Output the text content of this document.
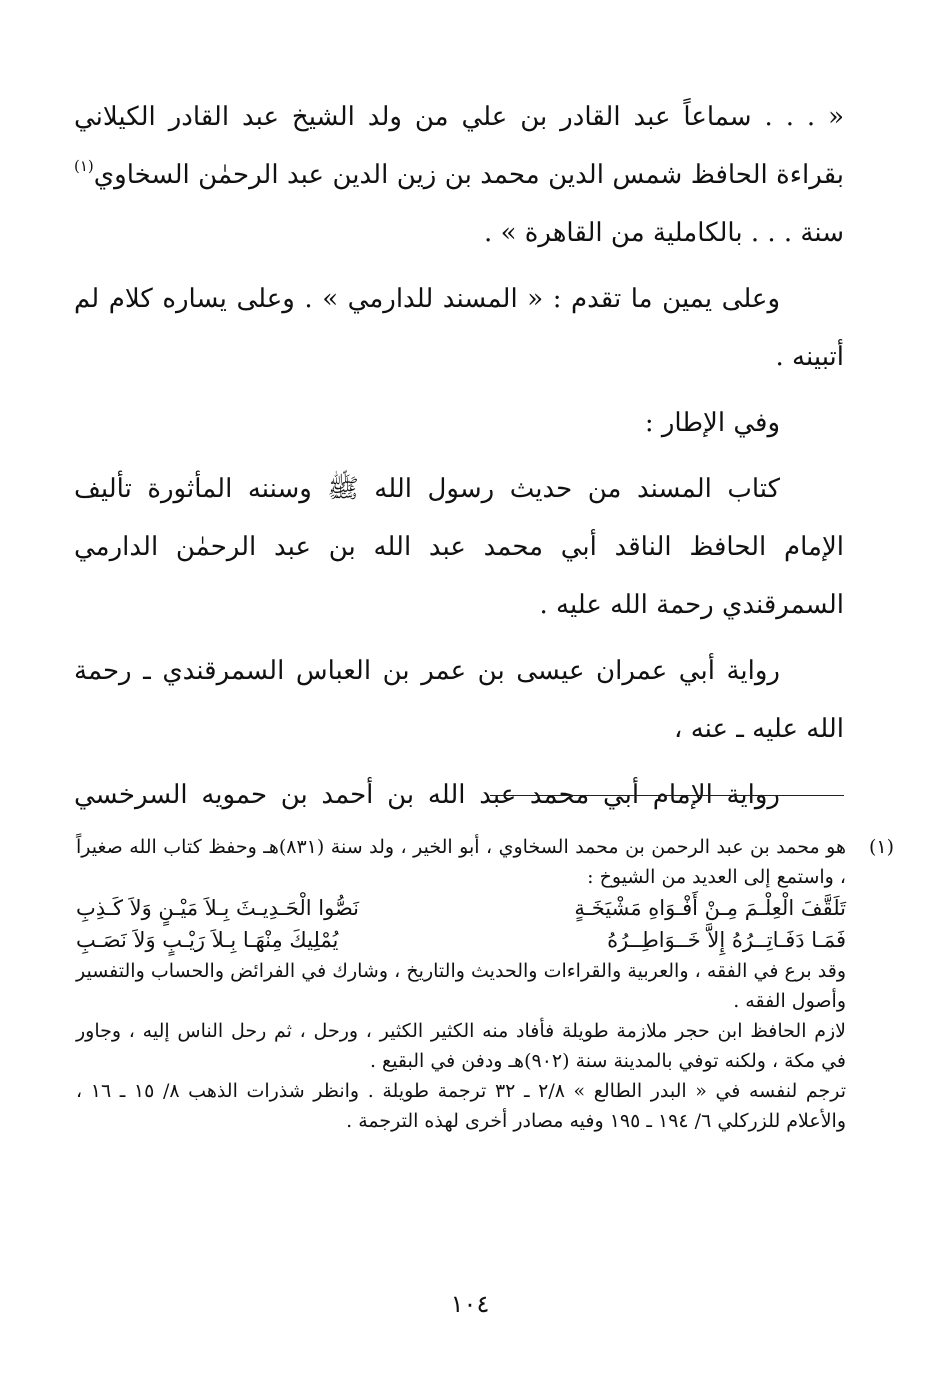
« . . . سماعاً عبد القادر بن علي من ولد الشيخ عبد القادر الكيلاني بقراءة الحافظ شمس الدين محمد بن زين الدين عبد الرحمٰن السخاوي$^{(١)}$ سنة . . . بالكاملية من القاهرة » .

وعلى يمين ما تقدم : « المسند للدارمي » . وعلى يساره كلام لم أتبينه .

وفي الإطار :

كتاب المسند من حديث رسول الله ﷺ وسننه المأثورة تأليف الإمام الحافظ الناقد أبي محمد عبد الله بن عبد الرحمٰن الدارمي السمرقندي رحمة الله عليه .

رواية أبي عمران عيسى بن عمر بن العباس السمرقندي ـ رحمة الله عليه ـ عنه ،

رواية الإمام أبي محمد عبد الله بن أحمد بن حمويه السرخسي

(١)

هو محمد بن عبد الرحمن بن محمد السخاوي ، أبو الخير ، ولد سنة (٨٣١)هـ وحفظ كتاب الله صغيراً ، واستمع إلى العديد من الشيوخ :

تَلَقَّفَ الْعِلْـمَ مِـنْ أَفْـوَاهِ مَشْيَخَـةٍ
نَصُّوا الْحَـدِيـثَ بِـلاَ مَيْـنٍ وَلاَ كَـذِبِ
فَمَـا دَفَـاتِــرُهُ إِلاَّ خَــوَاطِــرُهُ
يُمْلِيكَ مِنْهَـا بِـلاَ رَيْـبٍ وَلاَ نَصَـبِ

وقد برع في الفقه ، والعربية والقراءات والحديث والتاريخ ، وشارك في الفرائض والحساب والتفسير وأصول الفقه .

لازم الحافظ ابن حجر ملازمة طويلة فأفاد منه الكثير الكثير ، ورحل ، ثم رحل الناس إليه ، وجاور في مكة ، ولكنه توفي بالمدينة سنة (٩٠٢)هـ ودفن في البقيع .

ترجم لنفسه في « البدر الطالع » ٢/٨ ـ ٣٢ ترجمة طويلة . وانظر شذرات الذهب ٨/ ١٥ ـ ١٦ ، والأعلام للزركلي ٦/ ١٩٤ ـ ١٩٥ وفيه مصادر أخرى لهذه الترجمة .

١٠٤
